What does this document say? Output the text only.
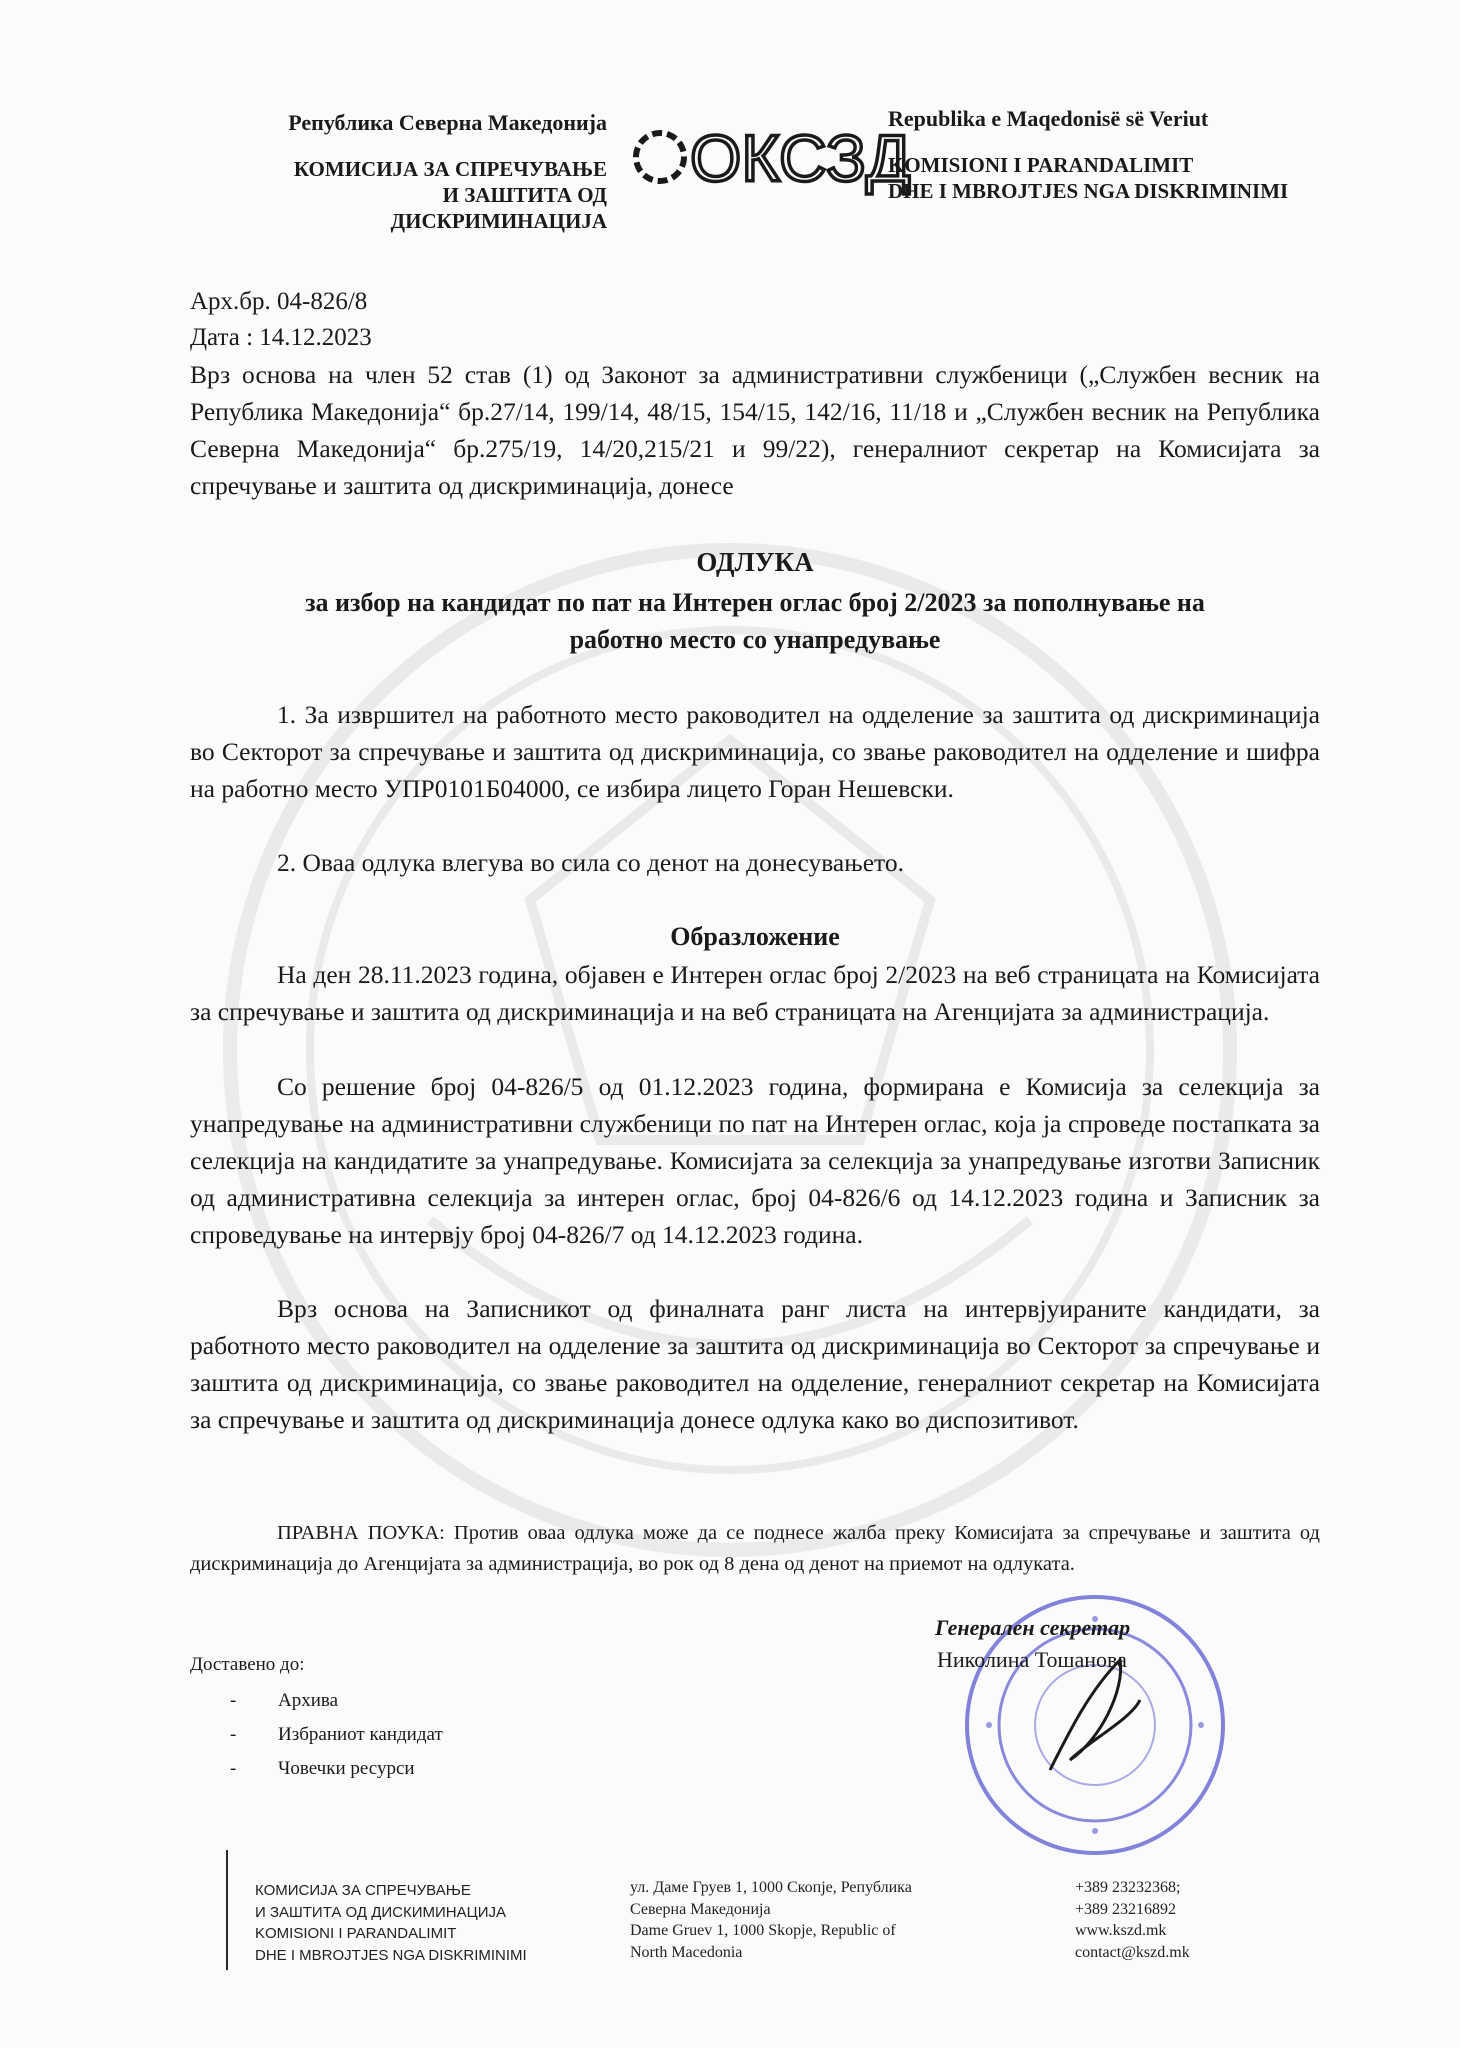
Република Северна Македонија
КОМИСИЈА ЗА СПРЕЧУВАЊЕ
И ЗАШТИТА ОД ДИСКРИМИНАЦИЈА
ОКСЗД
Republika e Maqedonisë së Veriut
KOMISIONI I PARANDALIMIT
DHE I MBROJTJES NGA DISKRIMINIMI
Арх.бр. 04-826/8
Дата : 14.12.2023
Врз основа на член 52 став (1) од Законот за административни службеници („Службен весник на Република Македонија“ бр.27/14, 199/14, 48/15, 154/15, 142/16, 11/18 и „Службен весник на Република Северна Македонија“ бр.275/19, 14/20,215/21 и 99/22), генералниот секретар на Комисијата за спречување и заштита од дискриминација, донесе
ОДЛУКА
за избор на кандидат по пат на Интерен оглас број 2/2023 за пополнување на
работно место со унапредување
1. За извршител на работното место раководител на одделение за заштита од дискриминација во Секторот за спречување и заштита од дискриминација, со звање раководител на одделение и шифра на работно место УПР0101Б04000, се избира лицето Горан Нешевски.
2. Оваа одлука влегува во сила со денот на донесувањето.
Образложение
На ден 28.11.2023 година, објавен е Интерен оглас број 2/2023 на веб страницата на Комисијата за спречување и заштита од дискриминација и на веб страницата на Агенцијата за администрација.
Со решение број 04-826/5 од 01.12.2023 година, формирана е Комисија за селекција за унапредување на административни службеници по пат на Интерен оглас, која ја спроведе постапката за селекција на кандидатите за унапредување. Комисијата за селекција за унапредување изготви Записник од административна селекција за интерен оглас, број 04-826/6 од 14.12.2023 година и Записник за спроведување на интервју број 04-826/7 од 14.12.2023 година.
Врз основа на Записникот од финалната ранг листа на интервјуираните кандидати, за работното место раководител на одделение за заштита од дискриминација во Секторот за спречување и заштита од дискриминација, со звање раководител на одделение, генералниот секретар на Комисијата за спречување и заштита од дискриминација донесе одлука како во диспозитивот.
ПРАВНА ПОУКА: Против оваа одлука може да се поднесе жалба преку Комисијата за спречување и заштита од дискриминација до Агенцијата за администрација, во рок од 8 дена од денот на приемот на одлуката.
Генерален секретар
Николина Тошанова
Доставено до:
- Архива
- Избраниот кандидат
- Човечки ресурси
КОМИСИЈА ЗА СПРЕЧУВАЊЕ
И ЗАШТИТА ОД ДИСКИМИНАЦИЈА
KOMISIONI I PARANDALIMIT
DHE I MBROJTJES NGA DISKRIMINIMI
ул. Даме Груев 1, 1000 Скопје, Република
Северна Македонија
Dame Gruev 1, 1000 Skopje, Republic of
North Macedonia
+389 23232368;
+389 23216892
www.kszd.mk
contact@kszd.mk
